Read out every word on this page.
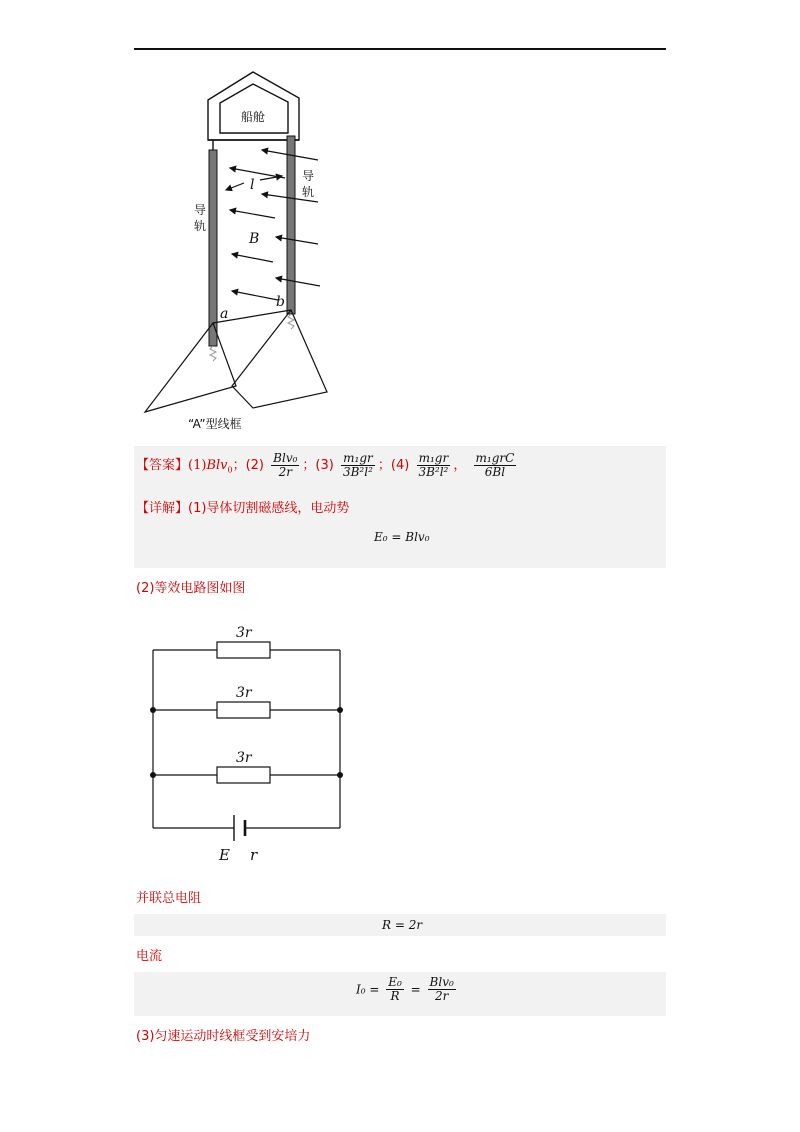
船舱
导
轨
导
轨
l
B
b
a
“A”型线框
【答案】(1)Blv$_0$；$(2) \frac{\text{Blv₀}}{2r}$ ；$(3) \frac{\text{m₁gr}}{\text{3B²l²}}$ ；$(4) \frac{\text{m₁gr}}{\text{3B²l²}}$ ， $\frac{\text{m₁grC}}{6Bl}$
【详解】(1)导体切割磁感线，电动势
E₀ = Blv₀
(2)等效电路图如图
3r
3r
3r
E r
并联总电阻
R = 2r
电流
$I_0 = \frac{\text{E₀}}{R} = \frac{\text{Blv₀}}{2r}$
(3)匀速运动时线框受到安培力
